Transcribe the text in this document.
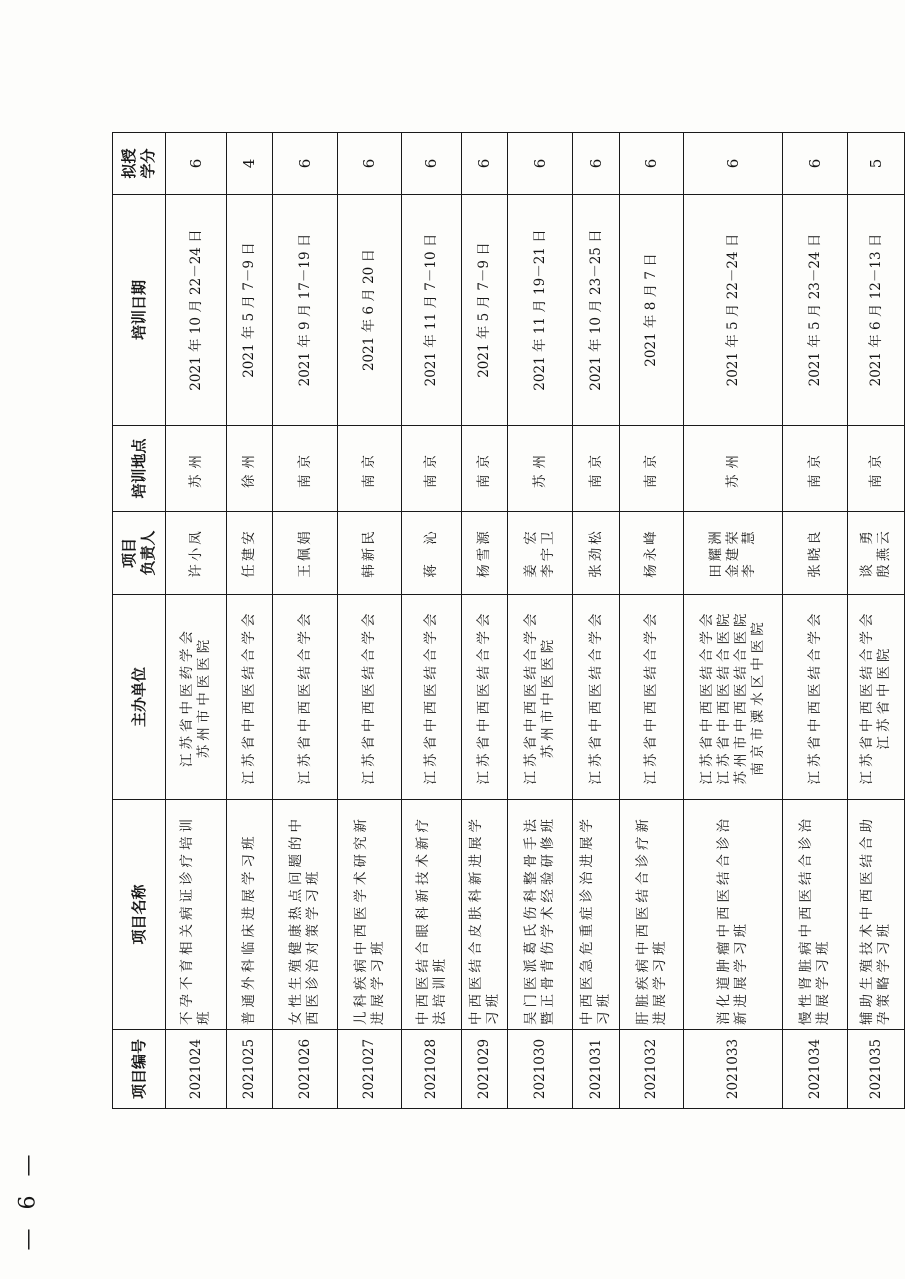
— 6 —
项目编号	项目名称	主办单位	项目 负责人	培训地点	培训日期	拟授 学分

2021024	不孕不育相关病证诊疗培训班	江苏省中医药学会 苏州市中医医院	许小凤	苏州	2021 年 10 月 22－24 日	6

2021025	普通外科临床进展学习班	江苏省中西医结合学会	任建安	徐州	2021 年 5 月 7－9 日	4

2021026	女性生殖健康热点问题的中西医诊治对策学习班	江苏省中西医结合学会	王佩娟	南京	2021 年 9 月 17－19 日	6

2021027	儿科疾病中西医学术研究新进展学习班	江苏省中西医结合学会	韩新民	南京	2021 年 6 月 20 日	6

2021028	中西医结合眼科新技术新疗法培训班	江苏省中西医结合学会	蒋　沁	南京	2021 年 11 月 7－10 日	6

2021029	中西医结合皮肤科新进展学习班	江苏省中西医结合学会	杨雪源	南京	2021 年 5 月 7－9 日	6

2021030	吴门医派葛氏伤科整骨手法暨正骨背伤学术经验研修班	江苏省中西医结合学会 苏州市中医医院	姜　宏 李宇卫	苏州	2021 年 11 月 19－21 日	6

2021031	中西医急危重症诊治进展学习班	江苏省中西医结合学会	张劲松	南京	2021 年 10 月 23－25 日	6

2021032	肝脏疾病中西医结合诊疗新进展学习班	江苏省中西医结合学会	杨永峰	南京	2021 年 8 月 7 日	6

2021033	消化道肿瘤中西医结合诊治新进展学习班	江苏省中西医结合学会 江苏省中西医结合医院 苏州市中西医结合医院 南京市溧水区中医院	田耀洲 金建荣 李　慧	苏州	2021 年 5 月 22－24 日	6

2021034	慢性肾脏病中西医结合诊治进展学习班	江苏省中西医结合学会	张晓良	南京	2021 年 5 月 23－24 日	6

2021035	辅助生殖技术中西医结合助孕策略学习班	江苏省中西医结合学会 江苏省中医院	谈　勇 殷燕云	南京	2021 年 6 月 12－13 日	5
